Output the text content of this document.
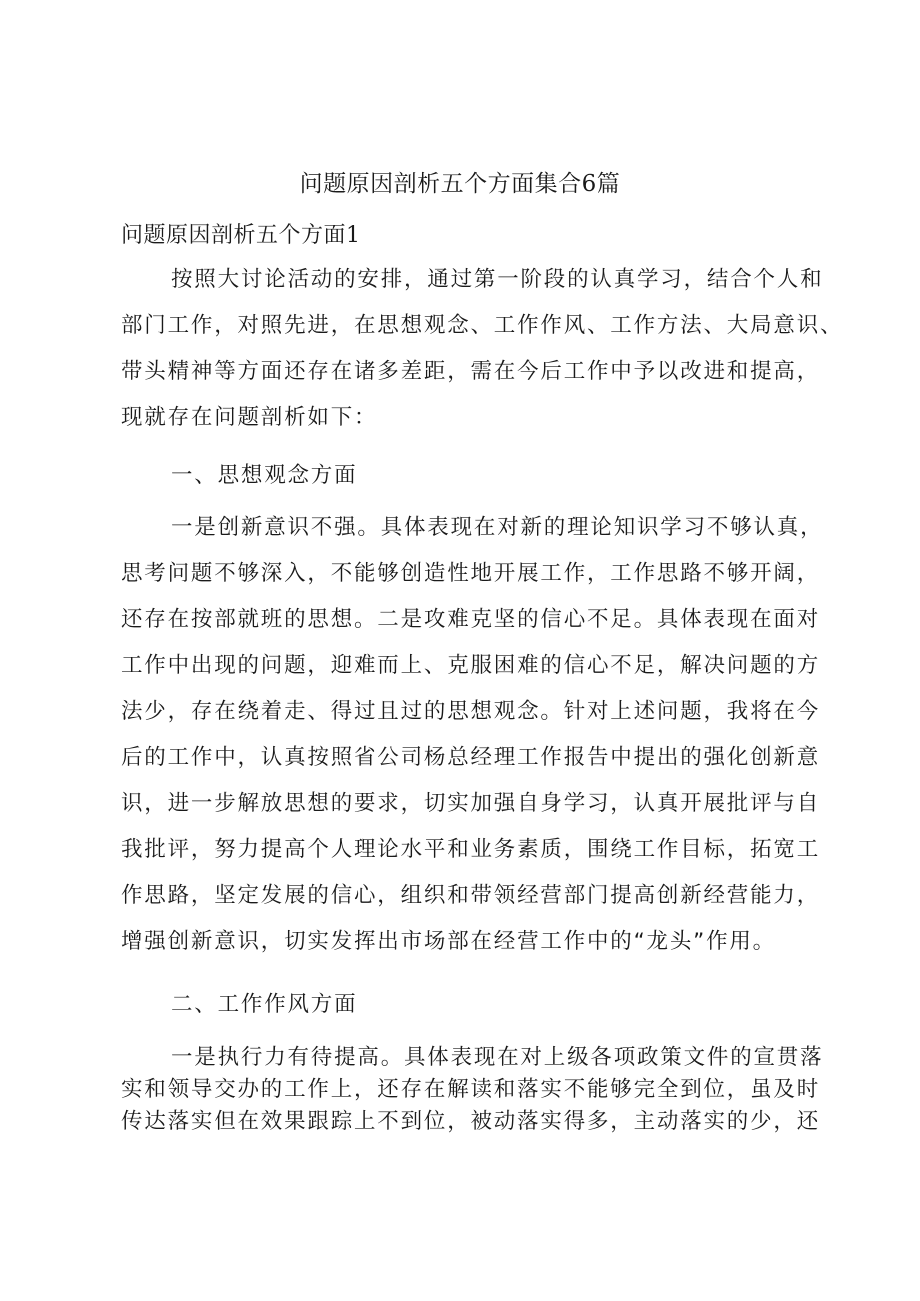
问题原因剖析五个方面集合6篇
问题原因剖析五个方面1
按照大讨论活动的安排，通过第一阶段的认真学习，结合个人和
部门工作，对照先进，在思想观念、工作作风、工作方法、大局意识、
带头精神等方面还存在诸多差距，需在今后工作中予以改进和提高，
现就存在问题剖析如下：
一、思想观念方面
一是创新意识不强。具体表现在对新的理论知识学习不够认真，
思考问题不够深入，不能够创造性地开展工作，工作思路不够开阔，
还存在按部就班的思想。二是攻难克坚的信心不足。具体表现在面对
工作中出现的问题，迎难而上、克服困难的信心不足，解决问题的方
法少，存在绕着走、得过且过的思想观念。针对上述问题，我将在今
后的工作中，认真按照省公司杨总经理工作报告中提出的强化创新意
识，进一步解放思想的要求，切实加强自身学习，认真开展批评与自
我批评，努力提高个人理论水平和业务素质，围绕工作目标，拓宽工
作思路，坚定发展的信心，组织和带领经营部门提高创新经营能力，
增强创新意识，切实发挥出市场部在经营工作中的“龙头”作用。
二、工作作风方面
一是执行力有待提高。具体表现在对上级各项政策文件的宣贯落
实和领导交办的工作上，还存在解读和落实不能够完全到位，虽及时
传达落实但在效果跟踪上不到位，被动落实得多，主动落实的少，还
